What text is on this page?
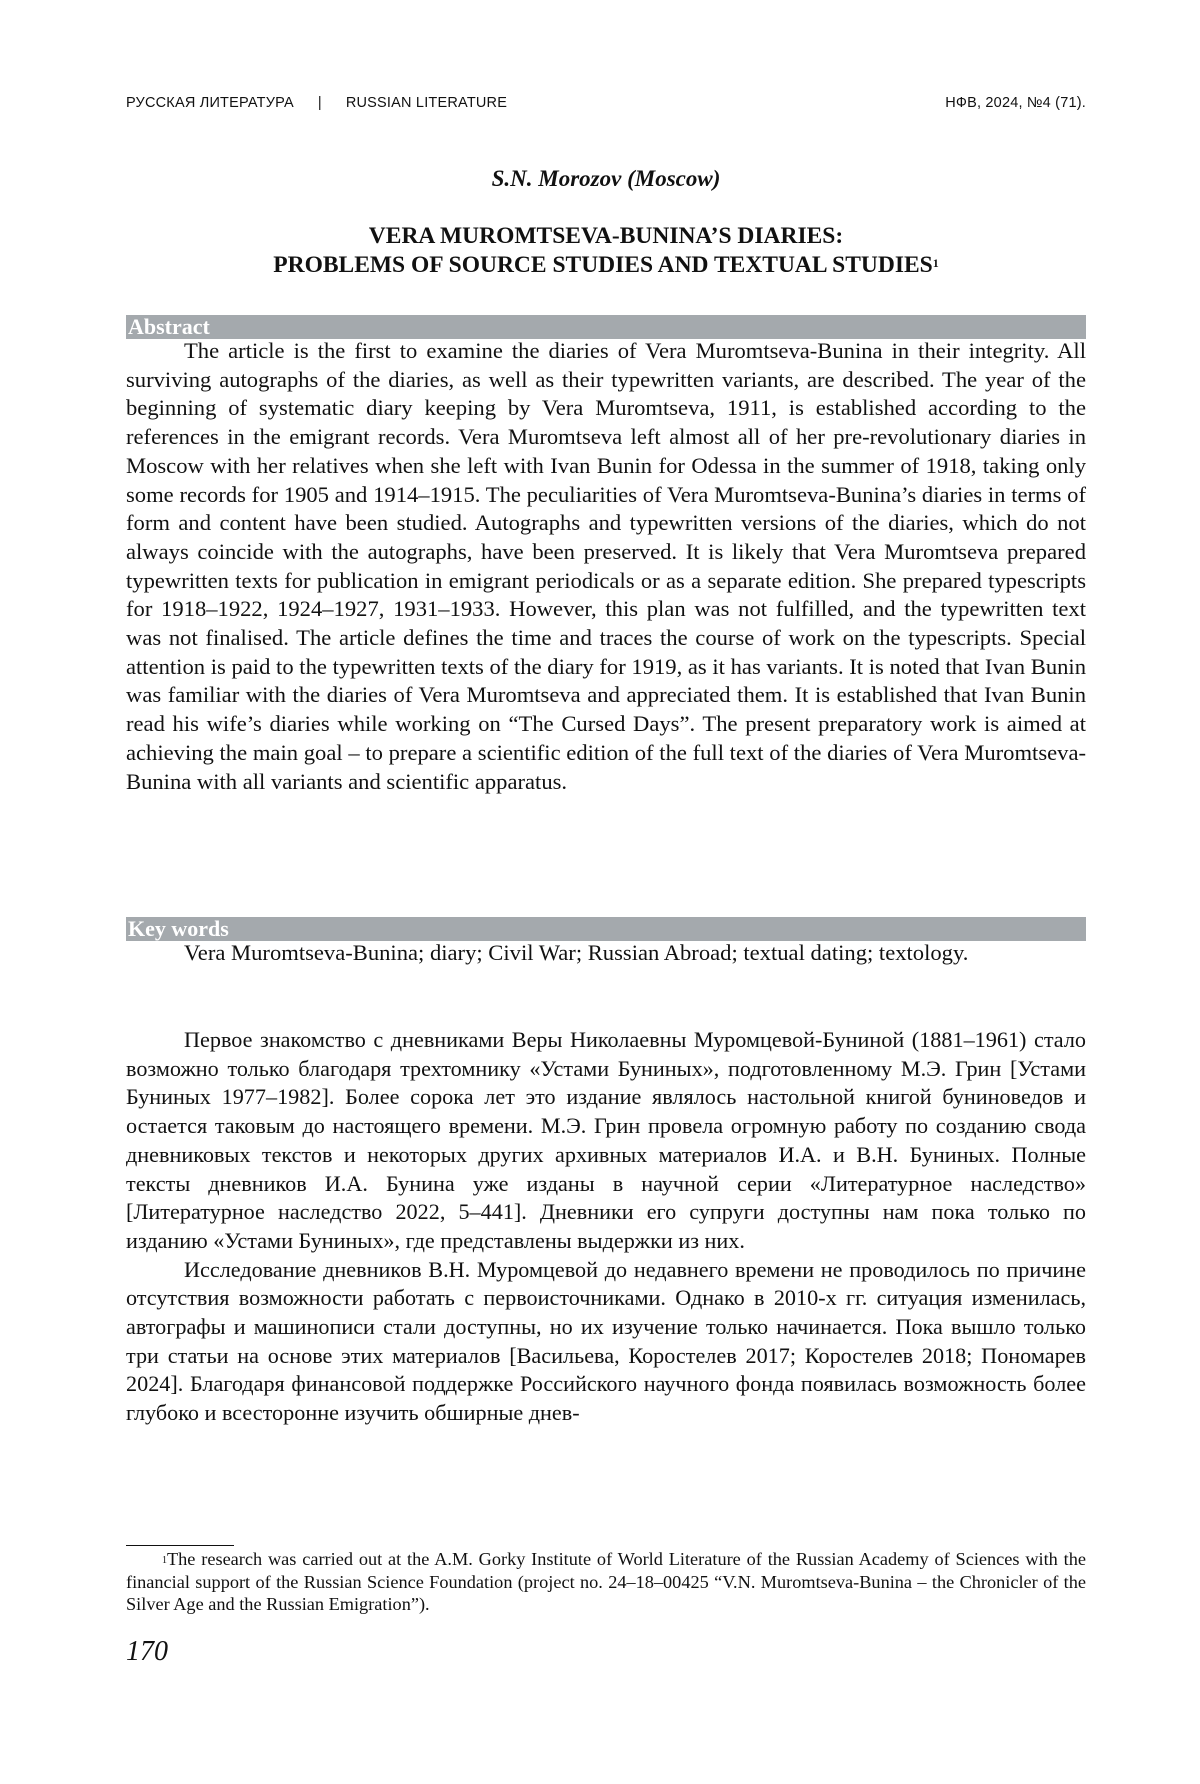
РУССКАЯ ЛИТЕРАТУРА | RUSSIAN LITERATURE	НФВ, 2024, №4 (71).
S.N. Morozov (Moscow)
VERA MUROMTSEVA-BUNINA’S DIARIES:
PROBLEMS OF SOURCE STUDIES AND TEXTUAL STUDIES$^1$
Abstract

The article is the first to examine the diaries of Vera Muromtseva-Bunina in their integrity. All surviving autographs of the diaries, as well as their typewritten variants, are described. The year of the beginning of systematic diary keeping by Vera Muromtseva, 1911, is established according to the references in the emigrant records. Vera Muromtseva left almost all of her pre-revolutionary diaries in Moscow with her relatives when she left with Ivan Bunin for Odessa in the summer of 1918, taking only some records for 1905 and 1914–1915. The peculiarities of Vera Muromtseva-Bunina’s diaries in terms of form and content have been studied. Autographs and typewritten versions of the diaries, which do not always coincide with the autographs, have been preserved. It is likely that Vera Muromtseva prepared typewritten texts for publication in emigrant periodicals or as a separate edition. She prepared typescripts for 1918–1922, 1924–1927, 1931–1933. However, this plan was not fulfilled, and the typewritten text was not finalised. The article defines the time and traces the course of work on the typescripts. Special attention is paid to the typewritten texts of the diary for 1919, as it has variants. It is noted that Ivan Bunin was familiar with the diaries of Vera Muromtseva and appreciated them. It is established that Ivan Bunin read his wife’s diaries while working on “The Cursed Days”. The present preparatory work is aimed at achieving the main goal – to prepare a scientific edition of the full text of the diaries of Vera Muromtseva-Bunina with all variants and scientific apparatus.

Key words

Vera Muromtseva-Bunina; diary; Civil War; Russian Abroad; textual dating; textology.

Первое знакомство с дневниками Веры Николаевны Муромцевой-Буниной (1881–1961) стало возможно только благодаря трехтомнику «Устами Буниных», подготовленному М.Э. Грин [Устами Буниных 1977–1982]. Более сорока лет это издание являлось настольной книгой буниноведов и остается таковым до настоящего времени. М.Э. Грин провела огромную работу по созданию свода дневниковых текстов и некоторых других архивных материалов И.А. и В.Н. Буниных. Полные тексты дневников И.А. Бунина уже изданы в научной серии «Литературное наследство» [Литературное наследство 2022, 5–441]. Дневники его супруги доступны нам пока только по изданию «Устами Буниных», где представлены выдержки из них.

Исследование дневников В.Н. Муромцевой до недавнего времени не проводилось по причине отсутствия возможности работать с первоисточниками. Однако в 2010-х гг. ситуация изменилась, автографы и машинописи стали доступны, но их изучение только начинается. Пока вышло только три статьи на основе этих материалов [Васильева, Коростелев 2017; Коростелев 2018; Пономарев 2024]. Благодаря финансовой поддержке Российского научного фонда появилась возможность более глубоко и всесторонне изучить обширные днев-

$^1$The research was carried out at the A.M. Gorky Institute of World Literature of the Russian Academy of Sciences with the financial support of the Russian Science Foundation (project no. 24–18–00425 “V.N. Muromtseva-Bunina – the Chronicler of the Silver Age and the Russian Emigration”).
170
